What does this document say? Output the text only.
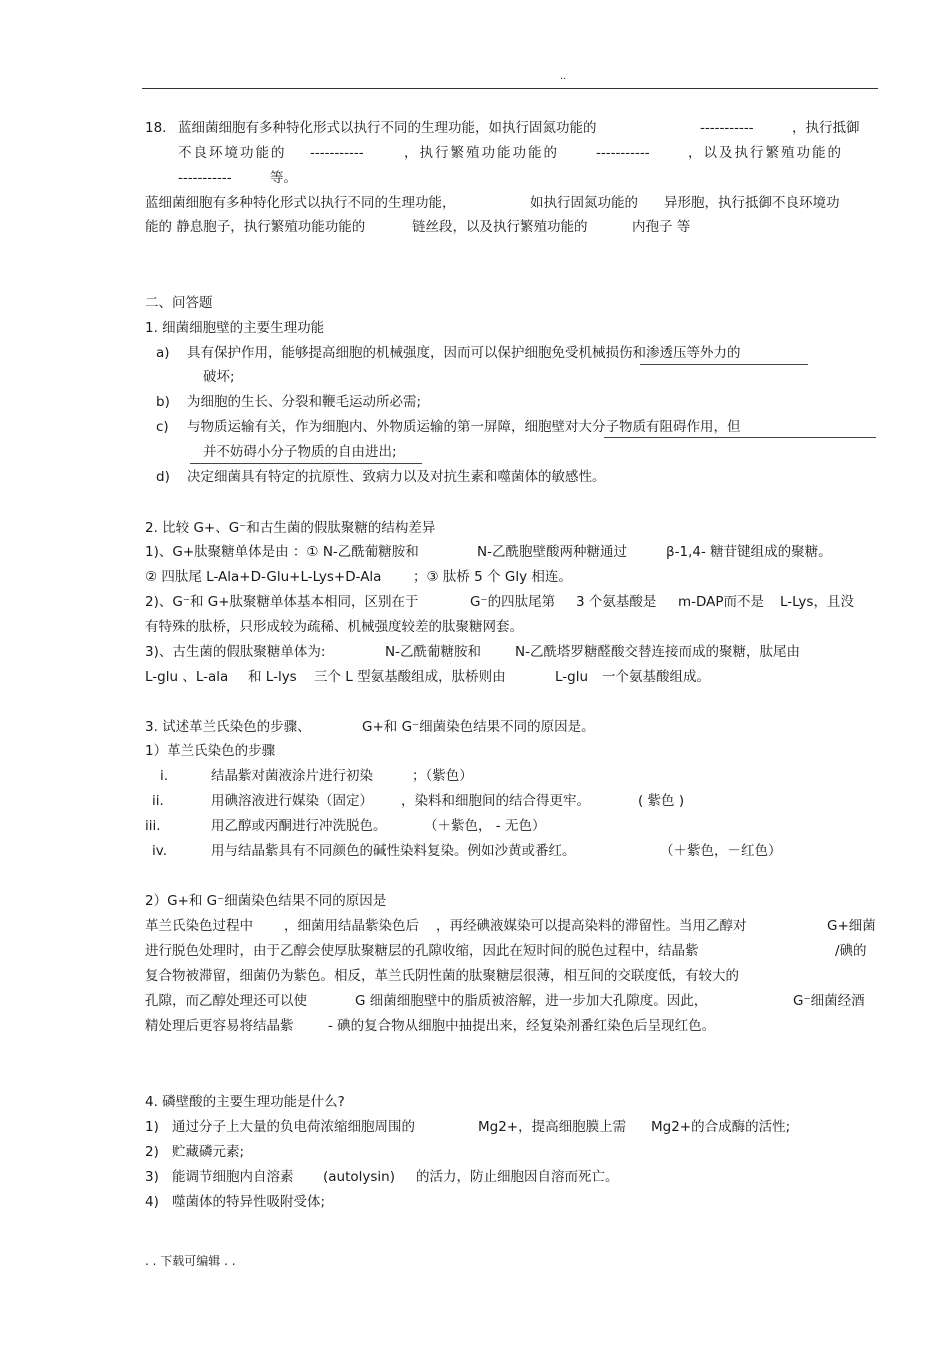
..
18. 蓝细菌细胞有多种特化形式以执行不同的生理功能，如执行固氮功能的	-----------	，执行抵御
不良环境功能的 -----------	，执行繁殖功能功能的	-----------	，以及执行繁殖功能的
-----------	等。
蓝细菌细胞有多种特化形式以执行不同的生理功能，	如执行固氮功能的 异形胞，执行抵御不良环境功
能的 静息胞子，执行繁殖功能功能的	链丝段，以及执行繁殖功能的	内孢子 等
二、问答题
1. 细菌细胞壁的主要生理功能
a) 具有保护作用，能够提高细胞的机械强度，因而可以保护细胞免受机械损伤和渗透压等外力的
破坏;
b) 为细胞的生长、分裂和鞭毛运动所必需;
c) 与物质运输有关，作为细胞内、外物质运输的第一屏障，细胞壁对大分子物质有阻碍作用，但
并不妨碍小分子物质的自由进出;
d) 决定细菌具有特定的抗原性、致病力以及对抗生素和噬菌体的敏感性。
2. 比较 G+、G⁻和古生菌的假肽聚糖的结构差异
1)、G+肽聚糖单体是由 ：① N-乙酰葡糖胺和	N-乙酰胞壁酸两种糖通过	β-1,4- 糖苷键组成的聚糖。
② 四肽尾 L-Ala+D-Glu+L-Lys+D-Ala ；③ 肽桥 5 个 Gly 相连。
2)、G⁻和 G+肽聚糖单体基本相同，区别在于	G⁻的四肽尾第 3 个氨基酸是 m-DAP而不是 L-Lys，且没
有特殊的肽桥，只形成较为疏稀、机械强度较差的肽聚糖网套。
3)、古生菌的假肽聚糖单体为:	N-乙酰葡糖胺和	N-乙酰塔罗糖醛酸交替连接而成的聚糖，肽尾由
L-glu 、L-ala 和 L-lys 三个 L 型氨基酸组成，肽桥则由	L-glu 一个氨基酸组成。
3. 试述革兰氏染色的步骤、	G+和 G⁻细菌染色结果不同的原因是。
1）革兰氏染色的步骤
i.	结晶紫对菌液涂片进行初染	；（紫色）
ii.	用碘溶液进行媒染（固定） ，染料和细胞间的结合得更牢。	( 紫色 )
iii.	用乙醇或丙酮进行冲洗脱色。	（＋紫色， - 无色）
iv.	用与结晶紫具有不同颜色的碱性染料复染。例如沙黄或番红。	（＋紫色，－红色）
2）G+和 G⁻细菌染色结果不同的原因是
革兰氏染色过程中 ，细菌用结晶紫染色后 ，再经碘液媒染可以提高染料的滞留性。当用乙醇对	G+细菌
进行脱色处理时，由于乙醇会使厚肽聚糖层的孔隙收缩，因此在短时间的脱色过程中，结晶紫	/碘的
复合物被滞留，细菌仍为紫色。相反，革兰氏阴性菌的肽聚糖层很薄，相互间的交联度低，有较大的
孔隙，而乙醇处理还可以使	G 细菌细胞壁中的脂质被溶解，进一步加大孔隙度。因此，	G⁻细菌经酒
精处理后更容易将结晶紫	- 碘的复合物从细胞中抽提出来，经复染剂番红染色后呈现红色。
4. 磷壁酸的主要生理功能是什么?
1) 通过分子上大量的负电荷浓缩细胞周围的	Mg2+，提高细胞膜上需 Mg2+的合成酶的活性;
2) 贮藏磷元素;
3) 能调节细胞内自溶素 (autolysin) 的活力，防止细胞因自溶而死亡。
4) 噬菌体的特异性吸附受体;
. . 下载可编辑 . .
